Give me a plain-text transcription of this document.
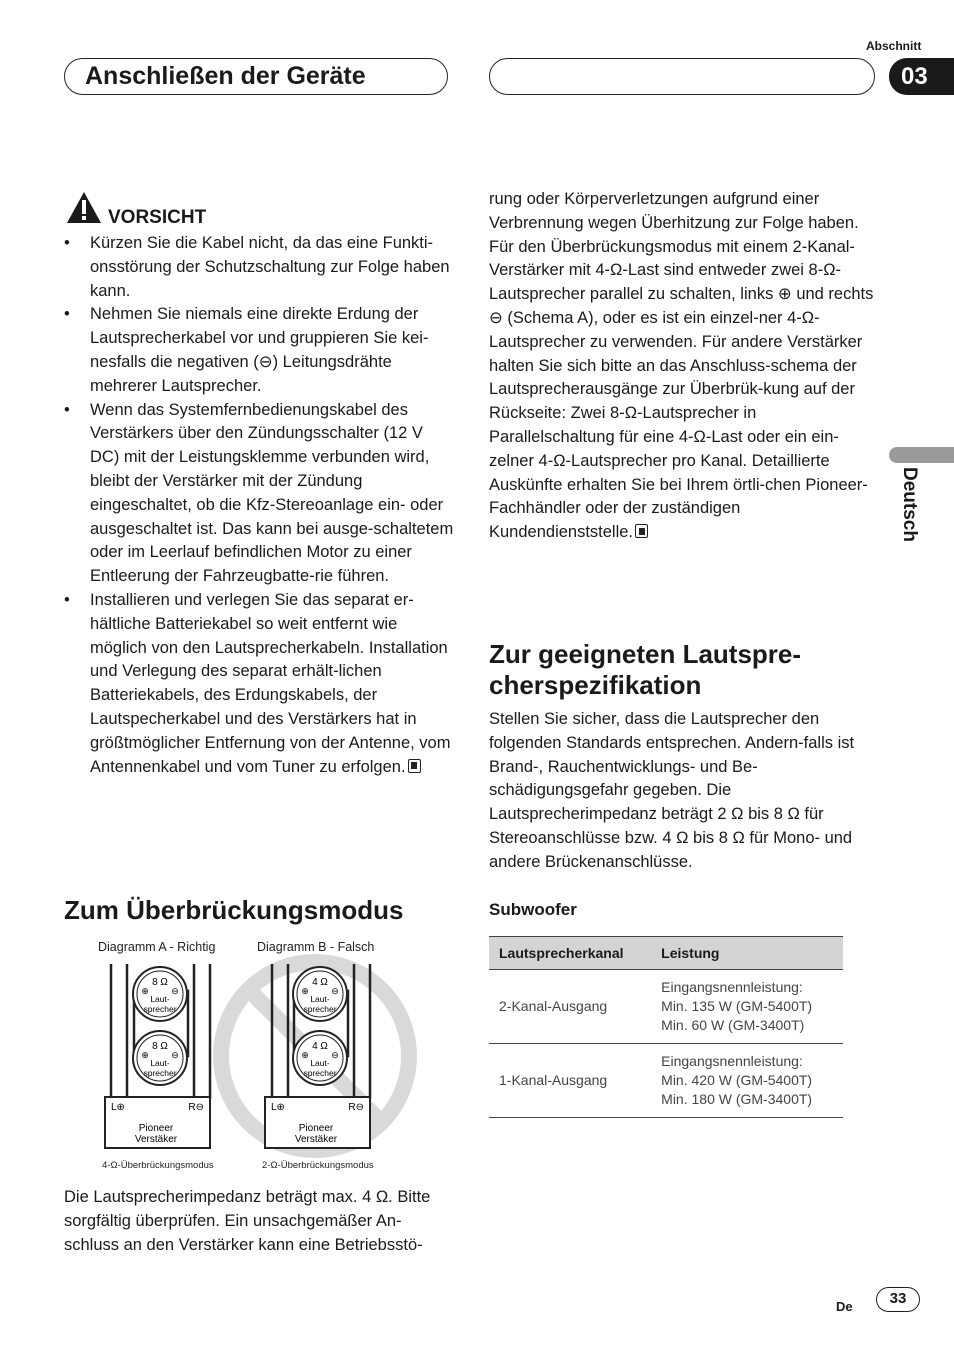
Abschnitt
Anschließen der Geräte	03
Deutsch
VORSICHT
• Kürzen Sie die Kabel nicht, da das eine Funkti-onsstörung der Schutzschaltung zur Folge haben kann.
• Nehmen Sie niemals eine direkte Erdung der Lautsprecherkabel vor und gruppieren Sie kei-nesfalls die negativen (⊖) Leitungsdrähte mehrerer Lautsprecher.
• Wenn das Systemfernbedienungskabel des Verstärkers über den Zündungsschalter (12 V DC) mit der Leistungsklemme verbunden wird, bleibt der Verstärker mit der Zündung eingeschaltet, ob die Kfz-Stereoanlage ein- oder ausgeschaltet ist. Das kann bei ausge-schaltetem oder im Leerlauf befindlichen Motor zu einer Entleerung der Fahrzeugbatte-rie führen.
• Installieren und verlegen Sie das separat er-hältliche Batteriekabel so weit entfernt wie möglich von den Lautsprecherkabeln. Installation und Verlegung des separat erhält-lichen Batteriekabels, des Erdungskabels, der Lautspecherkabel und des Verstärkers hat in größtmöglicher Entfernung von der Antenne, vom Antennenkabel und vom Tuner zu erfolgen.
Zum Überbrückungsmodus
Diagramm A - Richtig
8 Ω
⊕ ⊖
Laut-
sprecher
8 Ω
⊕ ⊖
Laut-
sprecher
L⊕	R⊖
Pioneer
Verstäker
4-Ω-Überbrückungsmodus
Diagramm B - Falsch
4 Ω
⊕ ⊖
Laut-
sprecher
4 Ω
⊕ ⊖
Laut-
sprecher
L⊕	R⊖
Pioneer
Verstäker
2-Ω-Überbrückungsmodus
Die Lautsprecherimpedanz beträgt max. 4 Ω. Bitte sorgfältig überprüfen. Ein unsachgemäßer An-schluss an den Verstärker kann eine Betriebsstö-
rung oder Körperverletzungen aufgrund einer Verbrennung wegen Überhitzung zur Folge haben. Für den Überbrückungsmodus mit einem 2-Kanal-Verstärker mit 4-Ω-Last sind entweder zwei 8-Ω-Lautsprecher parallel zu schalten, links ⊕ und rechts ⊖ (Schema A), oder es ist ein einzel-ner 4-Ω-Lautsprecher zu verwenden. Für andere Verstärker halten Sie sich bitte an das Anschluss-schema der Lautsprecherausgänge zur Überbrük-kung auf der Rückseite: Zwei 8-Ω-Lautsprecher in Parallelschaltung für eine 4-Ω-Last oder ein ein-zelner 4-Ω-Lautsprecher pro Kanal. Detaillierte Auskünfte erhalten Sie bei Ihrem örtli-chen Pioneer-Fachhändler oder der zuständigen Kundendienststelle.
Zur geeigneten Lautspre-cherspezifikation
Stellen Sie sicher, dass die Lautsprecher den folgenden Standards entsprechen. Andern-falls ist Brand-, Rauchentwicklungs- und Be-schädigungsgefahr gegeben. Die Lautsprecherimpedanz beträgt 2 Ω bis 8 Ω für Stereoanschlüsse bzw. 4 Ω bis 8 Ω für Mono- und andere Brückenanschlüsse.
Subwoofer
Lautsprecherkanal	Leistung
2-Kanal-Ausgang	Eingangsnennleistung:
Min. 135 W (GM-5400T)
Min. 60 W (GM-3400T)

1-Kanal-Ausgang	Eingangsnennleistung:
Min. 420 W (GM-5400T)
Min. 180 W (GM-3400T)
De	33
